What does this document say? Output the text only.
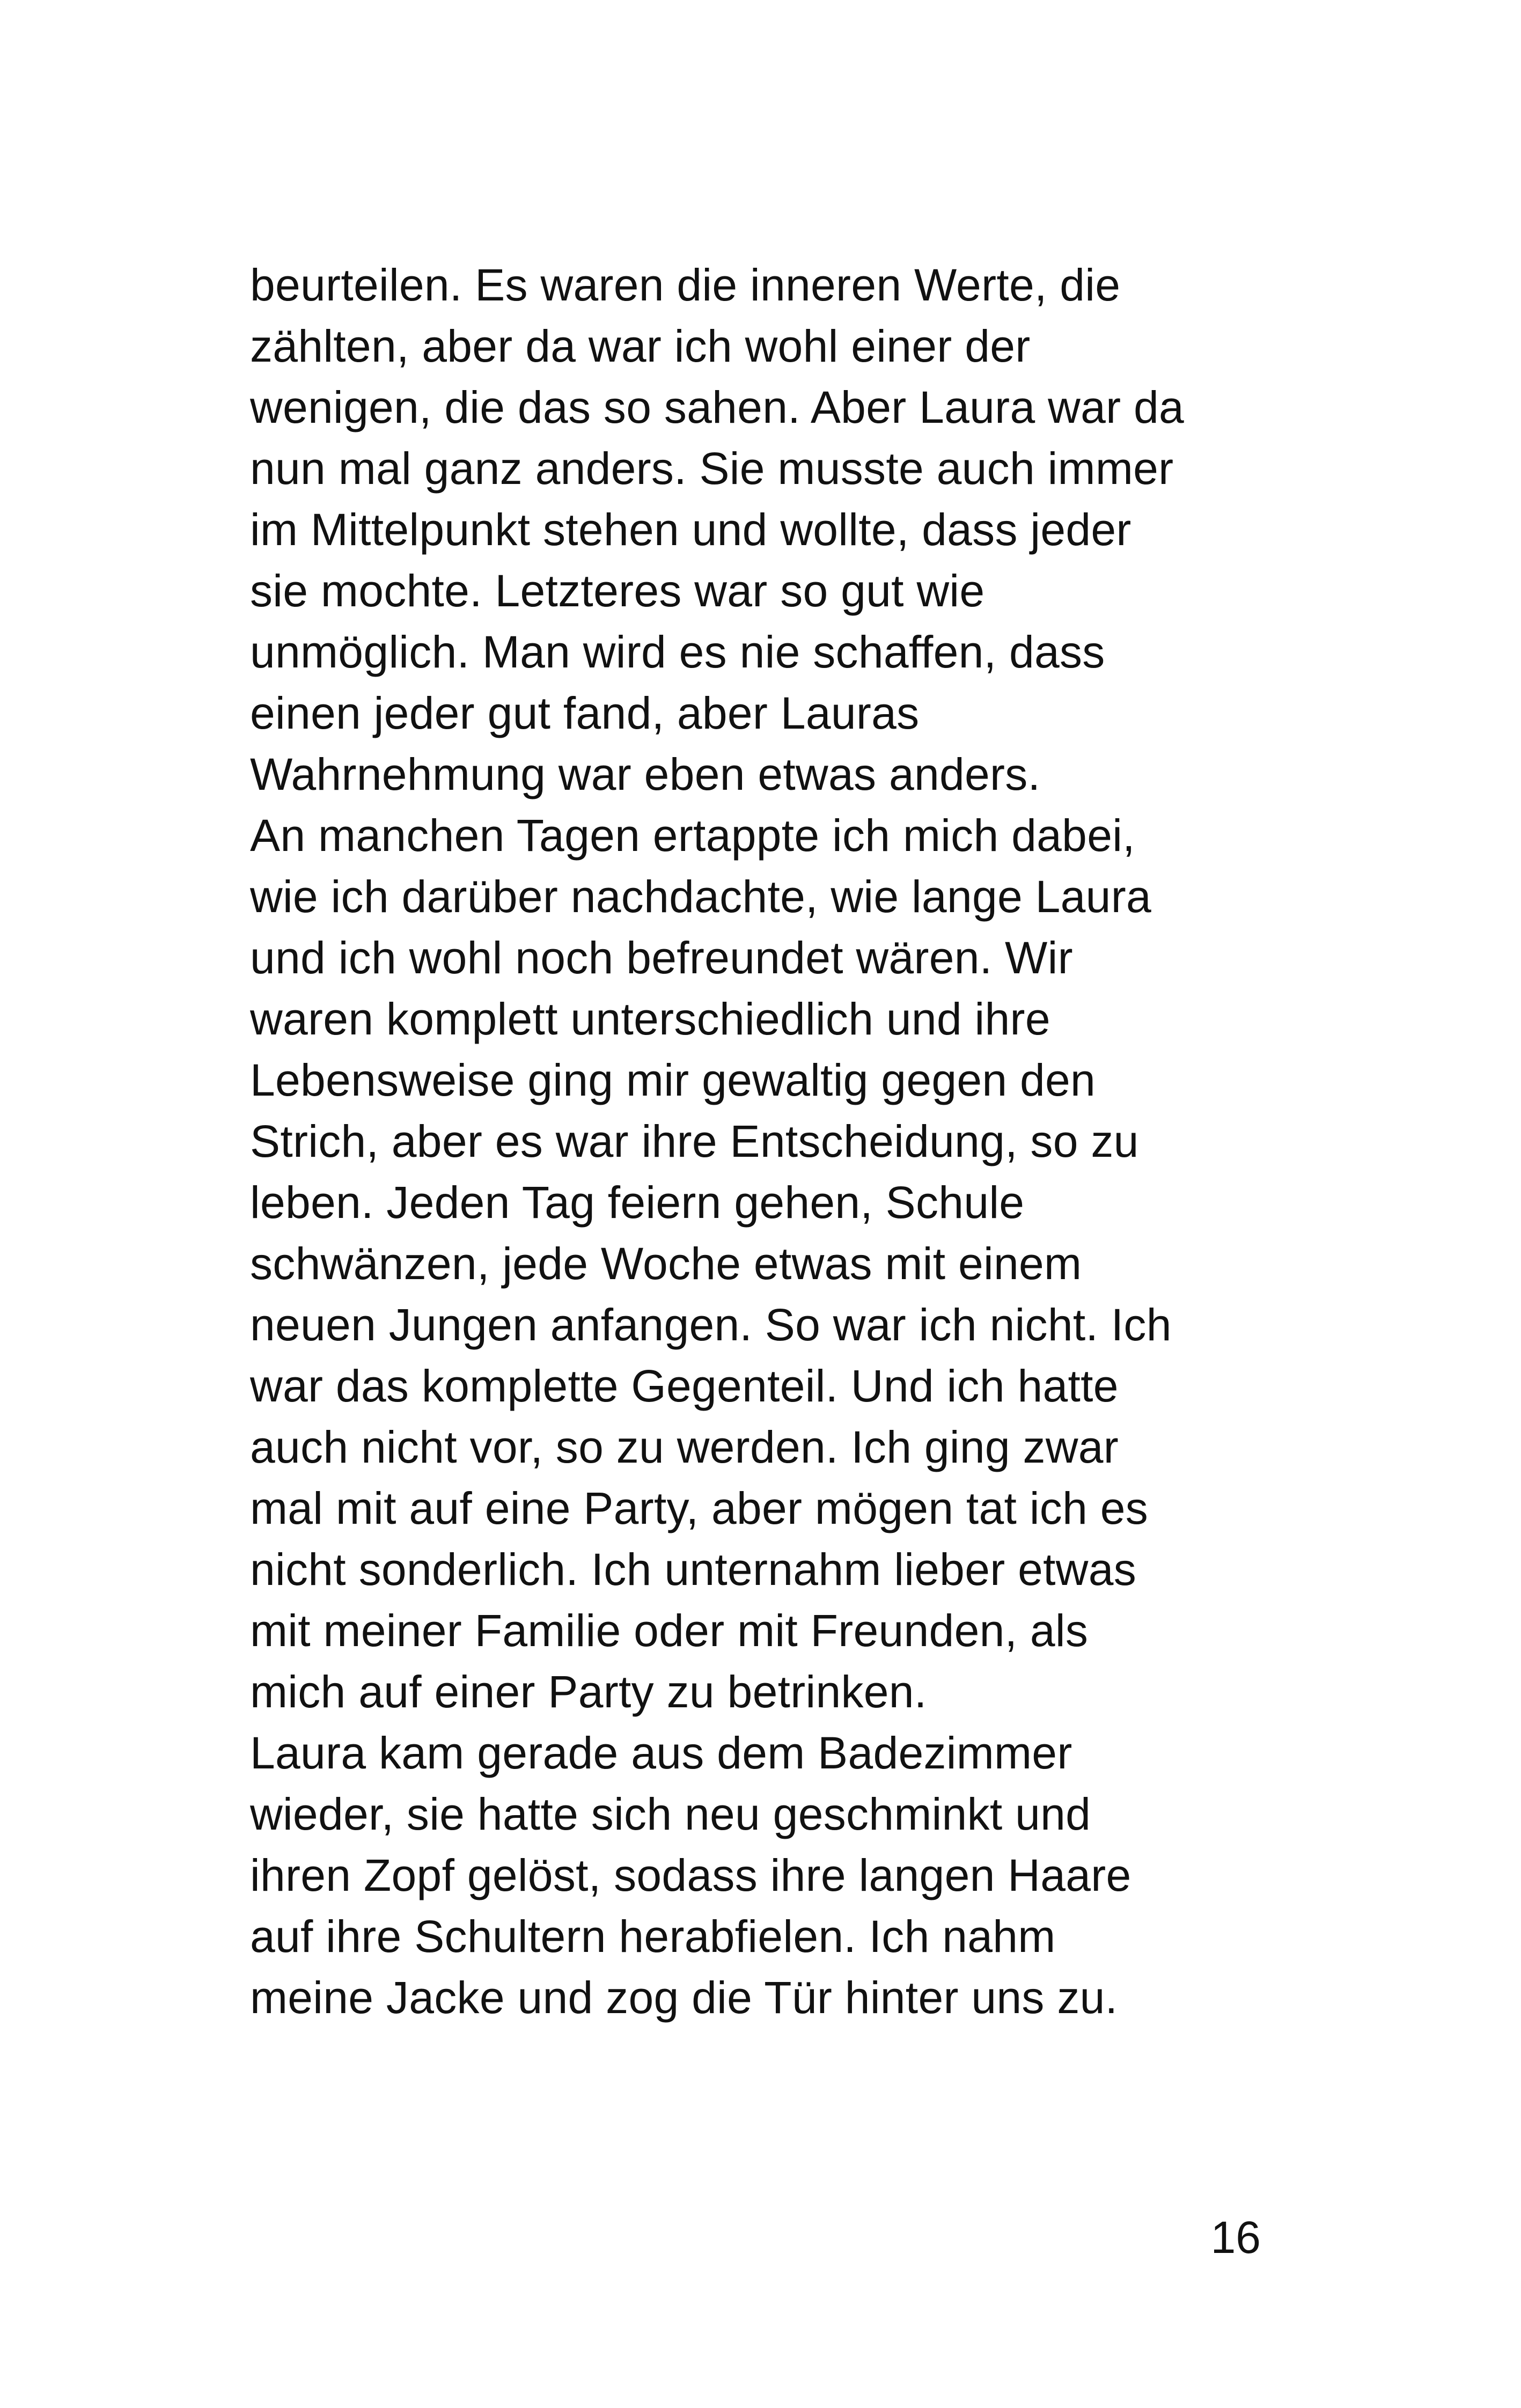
beurteilen. Es waren die inneren Werte, die
zählten, aber da war ich wohl einer der
wenigen, die das so sahen. Aber Laura war da
nun mal ganz anders. Sie musste auch immer
im Mittelpunkt stehen und wollte, dass jeder
sie mochte. Letzteres war so gut wie
unmöglich. Man wird es nie schaffen, dass
einen jeder gut fand, aber Lauras
Wahrnehmung war eben etwas anders.
An manchen Tagen ertappte ich mich dabei,
wie ich darüber nachdachte, wie lange Laura
und ich wohl noch befreundet wären. Wir
waren komplett unterschiedlich und ihre
Lebensweise ging mir gewaltig gegen den
Strich, aber es war ihre Entscheidung, so zu
leben. Jeden Tag feiern gehen, Schule
schwänzen, jede Woche etwas mit einem
neuen Jungen anfangen. So war ich nicht. Ich
war das komplette Gegenteil. Und ich hatte
auch nicht vor, so zu werden. Ich ging zwar
mal mit auf eine Party, aber mögen tat ich es
nicht sonderlich. Ich unternahm lieber etwas
mit meiner Familie oder mit Freunden, als
mich auf einer Party zu betrinken.
Laura kam gerade aus dem Badezimmer
wieder, sie hatte sich neu geschminkt und
ihren Zopf gelöst, sodass ihre langen Haare
auf ihre Schultern herabfielen. Ich nahm
meine Jacke und zog die Tür hinter uns zu.
16
